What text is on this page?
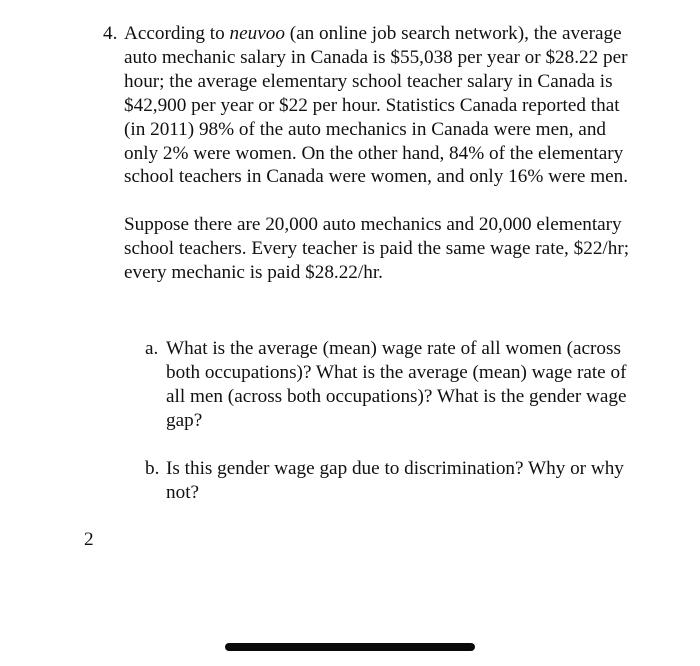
4. According to neuvoo (an online job search network), the average auto mechanic salary in Canada is $55,038 per year or $28.22 per hour; the average elementary school teacher salary in Canada is $42,900 per year or $22 per hour. Statistics Canada reported that (in 2011) 98% of the auto mechanics in Canada were men, and only 2% were women. On the other hand, 84% of the elementary school teachers in Canada were women, and only 16% were men.

Suppose there are 20,000 auto mechanics and 20,000 elementary school teachers. Every teacher is paid the same wage rate, $22/hr; every mechanic is paid $28.22/hr.

a. What is the average (mean) wage rate of all women (across both occupations)? What is the average (mean) wage rate of all men (across both occupations)? What is the gender wage gap?
b. Is this gender wage gap due to discrimination? Why or why not?
2
